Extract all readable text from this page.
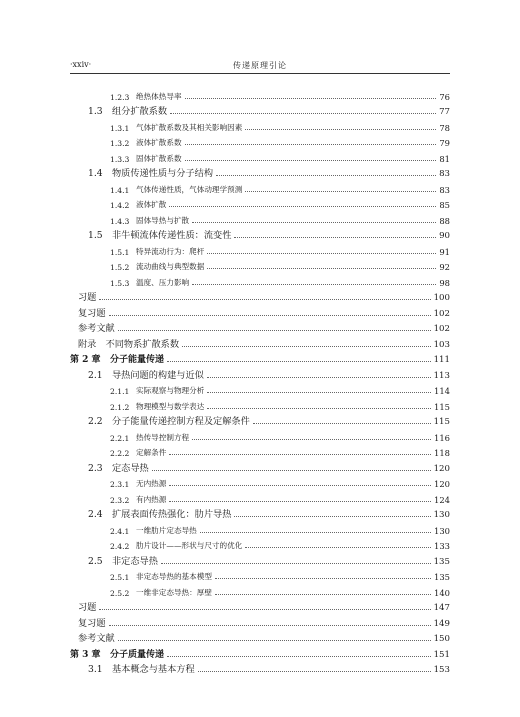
·xxiv·	传递原理引论
1.2.3 绝热体热导率	76
1.3	组分扩散系数	77
1.3.1 气体扩散系数及其相关影响因素	78
1.3.2 液体扩散系数	79
1.3.3 固体扩散系数	81
1.4	物质传递性质与分子结构	83
1.4.1 气体传递性质，气体动理学预测	83
1.4.2 液体扩散	85
1.4.3 固体导热与扩散	88
1.5	非牛顿流体传递性质：流变性	90
1.5.1 特异流动行为：爬杆	91
1.5.2 流动曲线与典型数据	92
1.5.3 温度、压力影响	98
习题	100
复习题	102
参考文献	102
附录　不同物系扩散系数	103
第 2 章	分子能量传递	111
2.1	导热问题的构建与近似	113
2.1.1 实际观察与物理分析	114
2.1.2 物理模型与数学表达	115
2.2	分子能量传递控制方程及定解条件	115
2.2.1 热传导控制方程	116
2.2.2 定解条件	118
2.3	定态导热	120
2.3.1 无内热源	120
2.3.2 有内热源	124
2.4	扩展表面传热强化：肋片导热	130
2.4.1 一维肋片定态导热	130
2.4.2 肋片设计——形状与尺寸的优化	133
2.5	非定态导热	135
2.5.1 非定态导热的基本模型	135
2.5.2 一维非定态导热：厚壁	140
习题	147
复习题	149
参考文献	150
第 3 章	分子质量传递	151
3.1	基本概念与基本方程	153
